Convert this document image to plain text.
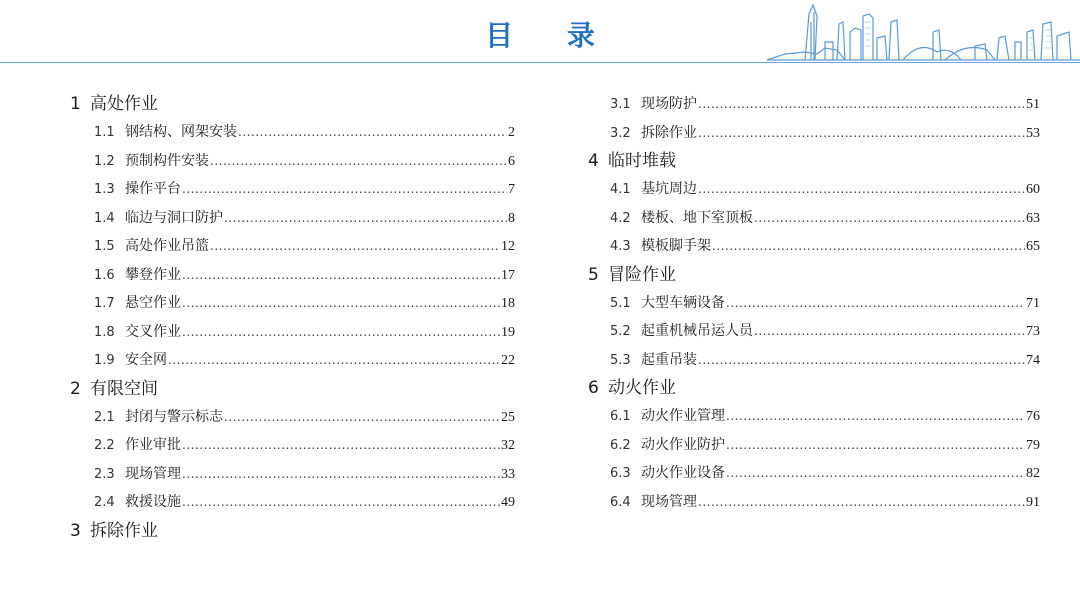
目 录
1 高处作业
1.1 钢结构、网架安装 .....	2
1.2 预制构件安装 .....	6
1.3 操作平台 .....	7
1.4 临边与洞口防护 .....	8
1.5 高处作业吊篮 .....	12
1.6 攀登作业 .....	17
1.7 悬空作业 .....	18
1.8 交叉作业 .....	19
1.9 安全网 .....	22
2 有限空间
2.1 封闭与警示标志 .....	25
2.2 作业审批 .....	32
2.3 现场管理 .....	33
2.4 救援设施 .....	49
3 拆除作业
3.1 现场防护 .....	51
3.2 拆除作业 .....	53
4 临时堆载
4.1 基坑周边 .....	60
4.2 楼板、地下室顶板 .....	63
4.3 模板脚手架 .....	65
5 冒险作业
5.1 大型车辆设备 .....	71
5.2 起重机械吊运人员 .....	73
5.3 起重吊装 .....	74
6 动火作业
6.1 动火作业管理 .....	76
6.2 动火作业防护 .....	79
6.3 动火作业设备 .....	82
6.4 现场管理 .....	91
